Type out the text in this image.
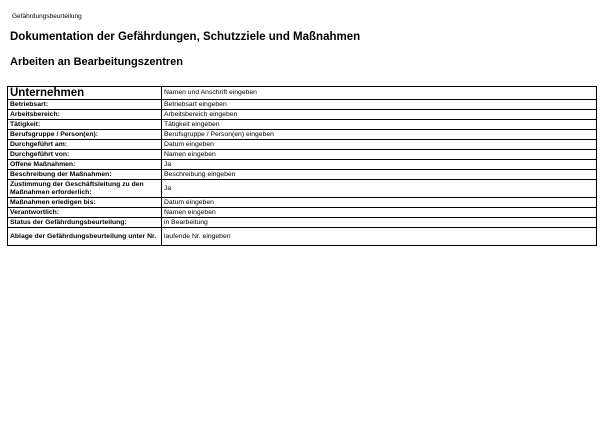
Gefährdungsbeurteilung
Dokumentation der Gefährdungen, Schutzziele und Maßnahmen
Arbeiten an Bearbeitungszentren
Unternehmen	Namen und Anschrift eingeben
Betriebsart:	Betriebsart eingeben
Arbeitsbereich:	Arbeitsbereich eingeben
Tätigkeit:	Tätigkeit eingeben
Berufsgruppe / Person(en):	Berufsgruppe / Person(en) eingeben
Durchgeführt am:	Datum eingeben
Durchgeführt von:	Namen eingeben
Offene Maßnahmen:	Ja
Beschreibung der Maßnahmen:	Beschreibung eingeben
Zustimmung der Geschäftsleitung zu den Maßnahmen erforderlich:	Ja
Maßnahmen erledigen bis:	Datum eingeben
Verantwortlich:	Namen eingeben
Status der Gefährdungsbeurteilung:	in Bearbeitung
Ablage der Gefährdungsbeurteilung unter Nr.	laufende Nr. eingeben
